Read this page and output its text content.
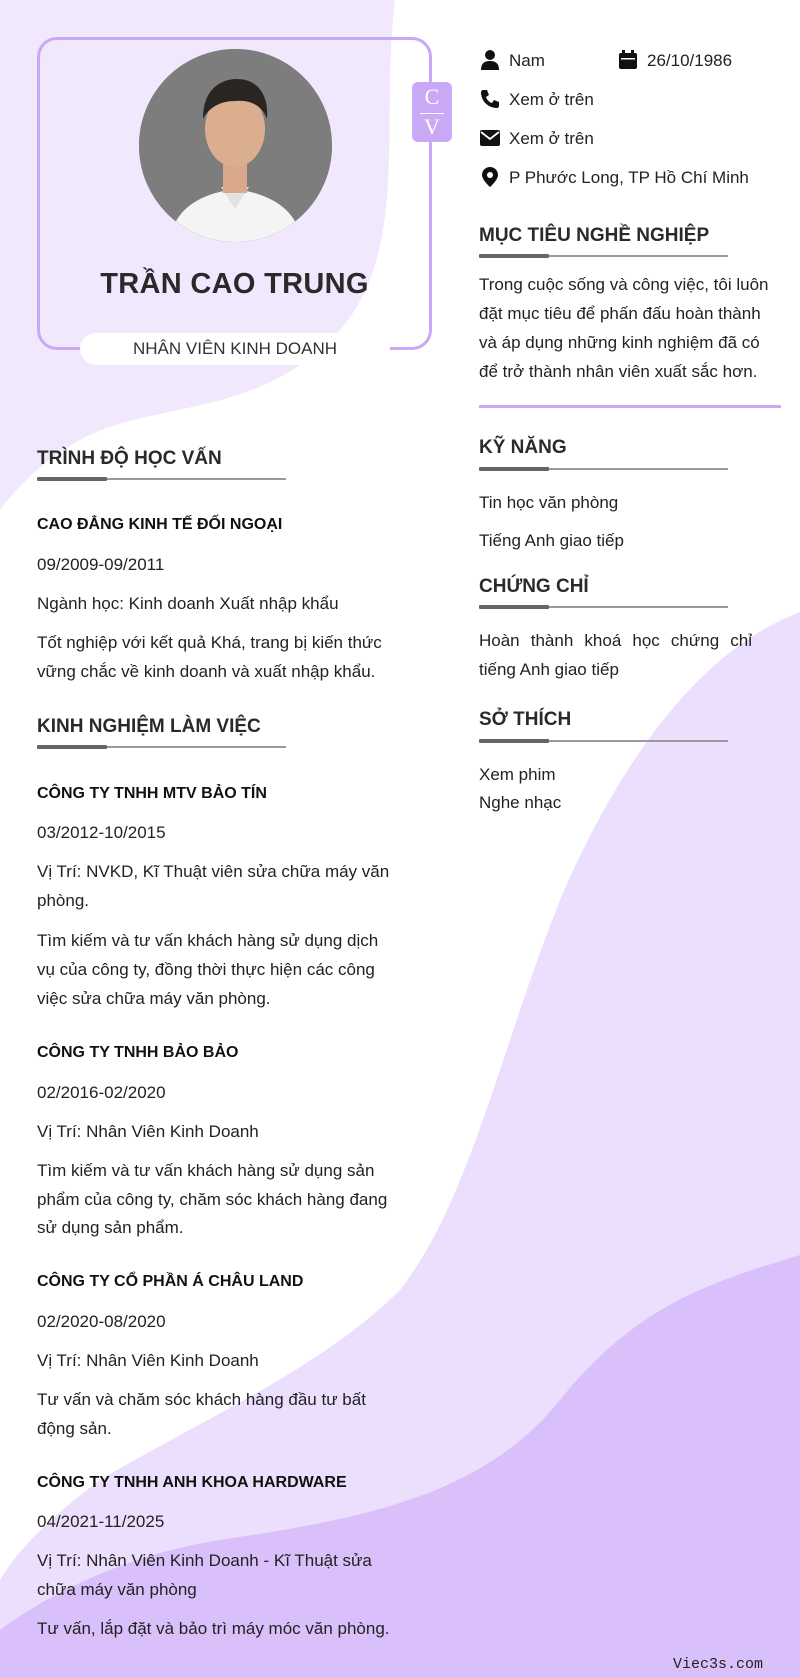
TRẦN CAO TRUNG
NHÂN VIÊN KINH DOANH
C
V
Nam	26/10/1986
Xem ở trên
Xem ở trên
P Phước Long, TP Hồ Chí Minh
MỤC TIÊU NGHỀ NGHIỆP
Trong cuộc sống và công việc, tôi luôn
đặt mục tiêu để phấn đấu hoàn thành
và áp dụng những kinh nghiệm đã có
để trở thành nhân viên xuất sắc hơn.
KỸ NĂNG
Tin học văn phòng
Tiếng Anh giao tiếp
CHỨNG CHỈ
Hoàn thành khoá học chứng chỉ
tiếng Anh giao tiếp
SỞ THÍCH
Xem phim
Nghe nhạc
TRÌNH ĐỘ HỌC VẤN
CAO ĐẲNG KINH TẾ ĐỐI NGOẠI
09/2009-09/2011
Ngành học: Kinh doanh Xuất nhập khẩu
Tốt nghiệp với kết quả Khá, trang bị kiến thức
vững chắc về kinh doanh và xuất nhập khẩu.
KINH NGHIỆM LÀM VIỆC
CÔNG TY TNHH MTV BẢO TÍN
03/2012-10/2015
Vị Trí: NVKD, Kĩ Thuật viên sửa chữa máy văn
phòng.
Tìm kiếm và tư vấn khách hàng sử dụng dịch
vụ của công ty, đồng thời thực hiện các công
việc sửa chữa máy văn phòng.
CÔNG TY TNHH BẢO BẢO
02/2016-02/2020
Vị Trí: Nhân Viên Kinh Doanh
Tìm kiếm và tư vấn khách hàng sử dụng sản
phẩm của công ty, chăm sóc khách hàng đang
sử dụng sản phẩm.
CÔNG TY CỔ PHẦN Á CHÂU LAND
02/2020-08/2020
Vị Trí: Nhân Viên Kinh Doanh
Tư vấn và chăm sóc khách hàng đầu tư bất
động sản.
CÔNG TY TNHH ANH KHOA HARDWARE
04/2021-11/2025
Vị Trí: Nhân Viên Kinh Doanh - Kĩ Thuật sửa
chữa máy văn phòng
Tư vấn, lắp đặt và bảo trì máy móc văn phòng.
Viec3s.com
